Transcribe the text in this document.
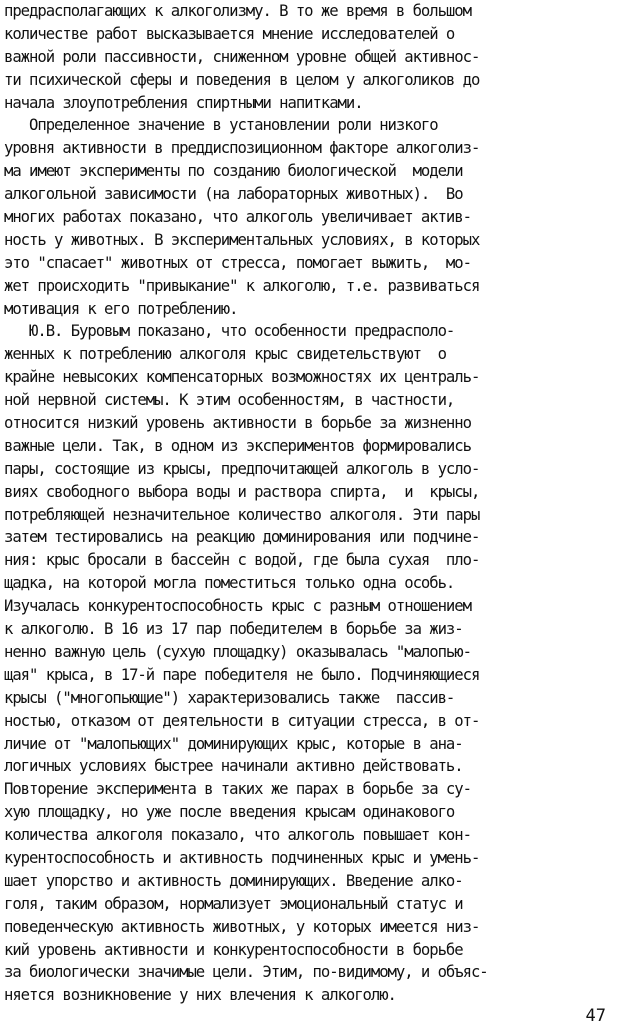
предрасполагающих к алкоголизму. В то же время в большом
количестве работ высказывается мнение исследователей о
важной роли пассивности, сниженном уровне общей активнос-
ти психической сферы и поведения в целом у алкоголиков до
начала злоупотребления спиртными напитками.
Определенное значение в установлении роли низкого
уровня активности в преддиспозиционном факторе алкоголиз-
ма имеют эксперименты по созданию биологической  модели
алкогольной зависимости (на лабораторных животных).  Во
многих работах показано, что алкоголь увеличивает актив-
ность у животных. В экспериментальных условиях, в которых
это "спасает" животных от стресса, помогает выжить,  мо-
жет происходить "привыкание" к алкоголю, т.е. развиваться
мотивация к его потреблению.
Ю.В. Буровым показано, что особенности предрасполо-
женных к потреблению алкоголя крыс свидетельствуют  о
крайне невысоких компенсаторных возможностях их централь-
ной нервной системы. К этим особенностям, в частности,
относится низкий уровень активности в борьбе за жизненно
важные цели. Так, в одном из экспериментов формировались
пары, состоящие из крысы, предпочитающей алкоголь в усло-
виях свободного выбора воды и раствора спирта,  и  крысы,
потребляющей незначительное количество алкоголя. Эти пары
затем тестировались на реакцию доминирования или подчине-
ния: крыс бросали в бассейн с водой, где была сухая  пло-
щадка, на которой могла поместиться только одна особь.
Изучалась конкурентоспособность крыс с разным отношением
к алкоголю. В 16 из 17 пар победителем в борьбе за жиз-
ненно важную цель (сухую площадку) оказывалась "малопью-
щая" крыса, в 17-й паре победителя не было. Подчиняющиеся
крысы ("многопьющие") характеризовались также  пассив-
ностью, отказом от деятельности в ситуации стресса, в от-
личие от "малопьющих" доминирующих крыс, которые в ана-
логичных условиях быстрее начинали активно действовать.
Повторение эксперимента в таких же парах в борьбе за су-
хую площадку, но уже после введения крысам одинакового
количества алкоголя показало, что алкоголь повышает кон-
курентоспособность и активность подчиненных крыс и умень-
шает упорство и активность доминирующих. Введение алко-
голя, таким образом, нормализует эмоциональный статус и
поведенческую активность животных, у которых имеется низ-
кий уровень активности и конкурентоспособности в борьбе
за биологически значимые цели. Этим, по-видимому, и объяс-
няется возникновение у них влечения к алкоголю.
47
